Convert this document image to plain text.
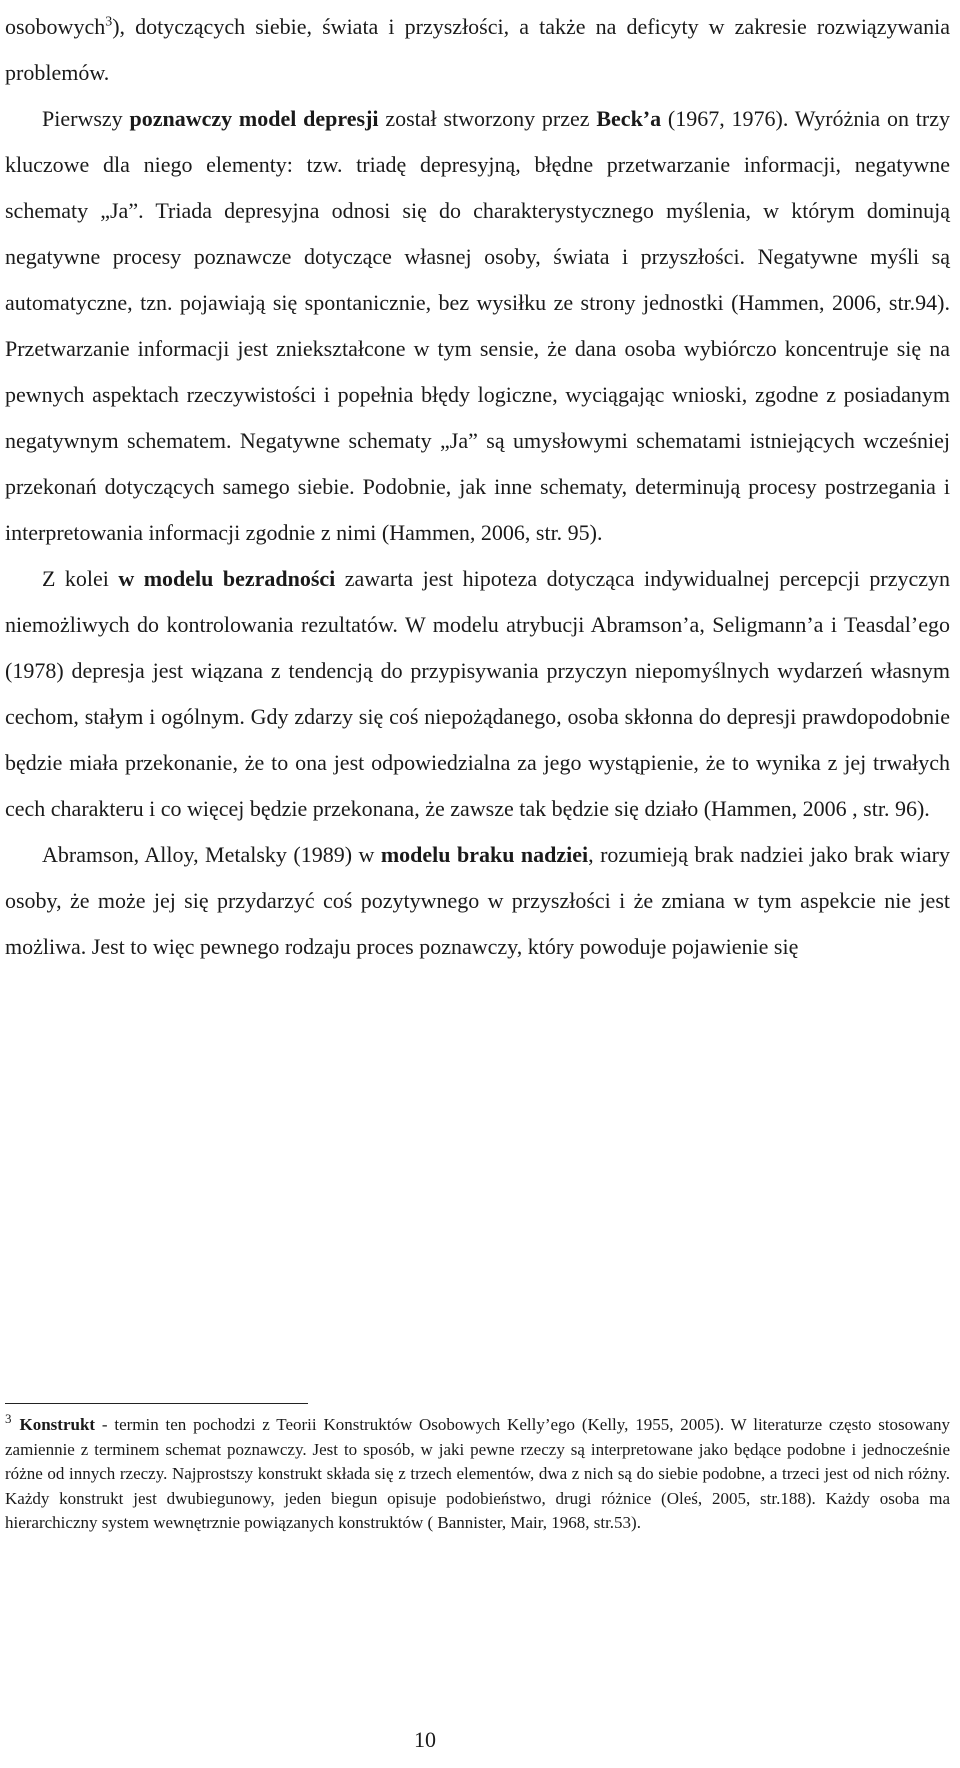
osobowych$^3$), dotyczących siebie, świata i przyszłości, a także na deficyty w zakresie rozwiązywania problemów.

Pierwszy poznawczy model depresji został stworzony przez Beck’a (1967, 1976). Wyróżnia on trzy kluczowe dla niego elementy: tzw. triadę depresyjną, błędne przetwarzanie informacji, negatywne schematy „Ja”. Triada depresyjna odnosi się do charakterystycznego myślenia, w którym dominują negatywne procesy poznawcze dotyczące własnej osoby, świata i przyszłości. Negatywne myśli są automatyczne, tzn. pojawiają się spontanicznie, bez wysiłku ze strony jednostki (Hammen, 2006, str.94). Przetwarzanie informacji jest zniekształcone w tym sensie, że dana osoba wybiórczo koncentruje się na pewnych aspektach rzeczywistości i popełnia błędy logiczne, wyciągając wnioski, zgodne z posiadanym negatywnym schematem. Negatywne schematy „Ja” są umysłowymi schematami istniejących wcześniej przekonań dotyczących samego siebie. Podobnie, jak inne schematy, determinują procesy postrzegania i interpretowania informacji zgodnie z nimi (Hammen, 2006, str. 95).

Z kolei w modelu bezradności zawarta jest hipoteza dotycząca indywidualnej percepcji przyczyn niemożliwych do kontrolowania rezultatów. W modelu atrybucji Abramson’a, Seligmann’a i Teasdal’ego (1978) depresja jest wiązana z tendencją do przypisywania przyczyn niepomyślnych wydarzeń własnym cechom, stałym i ogólnym. Gdy zdarzy się coś niepożądanego, osoba skłonna do depresji prawdopodobnie będzie miała przekonanie, że to ona jest odpowiedzialna za jego wystąpienie, że to wynika z jej trwałych cech charakteru i co więcej będzie przekonana, że zawsze tak będzie się działo (Hammen, 2006 , str. 96).

Abramson, Alloy, Metalsky (1989) w modelu braku nadziei, rozumieją brak nadziei jako brak wiary osoby, że może jej się przydarzyć coś pozytywnego w przyszłości i że zmiana w tym aspekcie nie jest możliwa. Jest to więc pewnego rodzaju proces poznawczy, który powoduje pojawienie się

$^3$ Konstrukt - termin ten pochodzi z Teorii Konstruktów Osobowych Kelly’ego (Kelly, 1955, 2005). W literaturze często stosowany zamiennie z terminem schemat poznawczy. Jest to sposób, w jaki pewne rzeczy są interpretowane jako będące podobne i jednocześnie różne od innych rzeczy. Najprostszy konstrukt składa się z trzech elementów, dwa z nich są do siebie podobne, a trzeci jest od nich różny. Każdy konstrukt jest dwubiegunowy, jeden biegun opisuje podobieństwo, drugi różnice (Oleś, 2005, str.188). Każdy osoba ma hierarchiczny system wewnętrznie powiązanych konstruktów ( Bannister, Mair, 1968, str.53).
10
